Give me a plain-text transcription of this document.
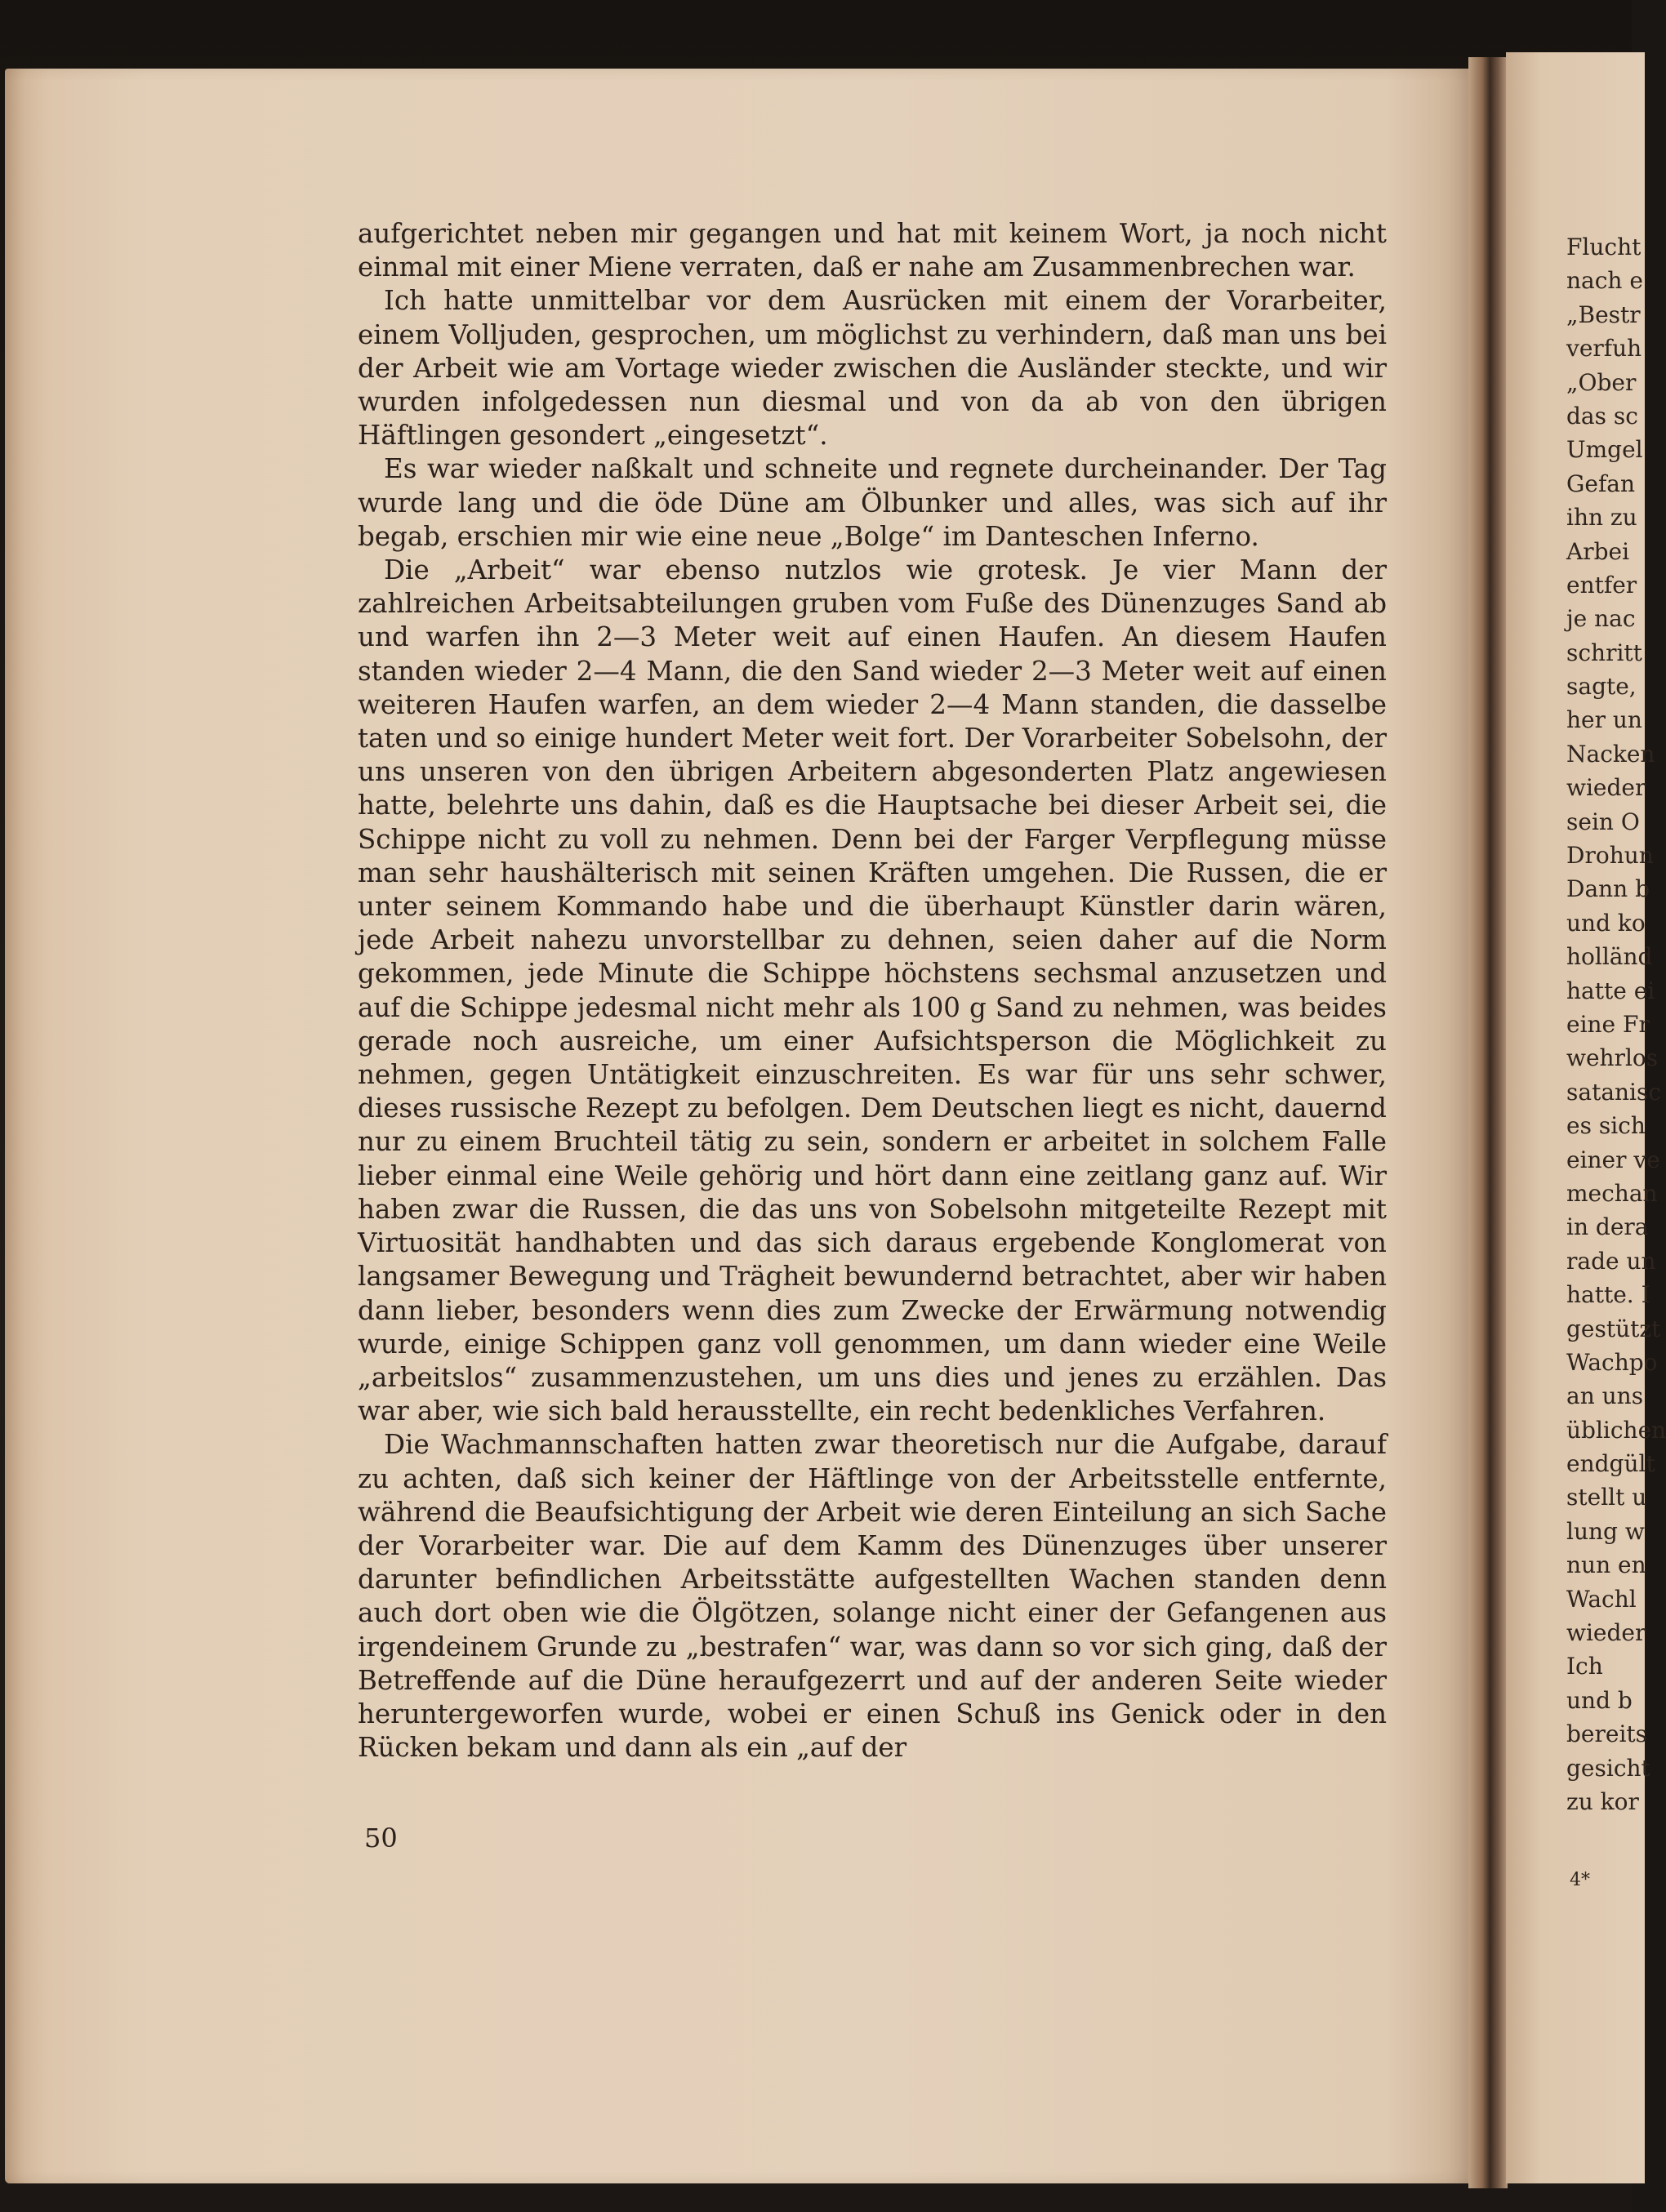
aufgerichtet neben mir gegangen und hat mit keinem Wort, ja noch nicht einmal mit einer Miene verraten, daß er nahe am Zusammenbrechen war.

Ich hatte unmittelbar vor dem Ausrücken mit einem der Vorarbeiter, einem Volljuden, gesprochen, um möglichst zu verhindern, daß man uns bei der Arbeit wie am Vortage wieder zwischen die Ausländer steckte, und wir wurden infolgedessen nun diesmal und von da ab von den übrigen Häftlingen gesondert „eingesetzt“.

Es war wieder naßkalt und schneite und regnete durcheinander. Der Tag wurde lang und die öde Düne am Ölbunker und alles, was sich auf ihr begab, erschien mir wie eine neue „Bolge“ im Danteschen Inferno.

Die „Arbeit“ war ebenso nutzlos wie grotesk. Je vier Mann der zahlreichen Arbeitsabteilungen gruben vom Fuße des Dünenzuges Sand ab und warfen ihn 2—3 Meter weit auf einen Haufen. An diesem Haufen standen wieder 2—4 Mann, die den Sand wieder 2—3 Meter weit auf einen weiteren Haufen warfen, an dem wieder 2—4 Mann standen, die dasselbe taten und so einige hundert Meter weit fort. Der Vorarbeiter Sobelsohn, der uns unseren von den übrigen Arbeitern abgesonderten Platz angewiesen hatte, belehrte uns dahin, daß es die Hauptsache bei dieser Arbeit sei, die Schippe nicht zu voll zu nehmen. Denn bei der Farger Verpflegung müsse man sehr haushälterisch mit seinen Kräften umgehen. Die Russen, die er unter seinem Kommando habe und die überhaupt Künstler darin wären, jede Arbeit nahezu unvorstellbar zu dehnen, seien daher auf die Norm gekommen, jede Minute die Schippe höchstens sechsmal anzusetzen und auf die Schippe jedesmal nicht mehr als 100 g Sand zu nehmen, was beides gerade noch ausreiche, um einer Aufsichtsperson die Möglichkeit zu nehmen, gegen Untätigkeit einzuschreiten. Es war für uns sehr schwer, dieses russische Rezept zu befolgen. Dem Deutschen liegt es nicht, dauernd nur zu einem Bruchteil tätig zu sein, sondern er arbeitet in solchem Falle lieber einmal eine Weile gehörig und hört dann eine zeitlang ganz auf. Wir haben zwar die Russen, die das uns von Sobelsohn mitgeteilte Rezept mit Virtuosität handhabten und das sich daraus ergebende Konglomerat von langsamer Bewegung und Trägheit bewundernd betrachtet, aber wir haben dann lieber, besonders wenn dies zum Zwecke der Erwärmung notwendig wurde, einige Schippen ganz voll genommen, um dann wieder eine Weile „arbeitslos“ zusammenzustehen, um uns dies und jenes zu erzählen. Das war aber, wie sich bald herausstellte, ein recht bedenkliches Verfahren.

Die Wachmannschaften hatten zwar theoretisch nur die Aufgabe, darauf zu achten, daß sich keiner der Häftlinge von der Arbeitsstelle entfernte, während die Beaufsichtigung der Arbeit wie deren Einteilung an sich Sache der Vorarbeiter war. Die auf dem Kamm des Dünenzuges über unserer darunter befindlichen Arbeitsstätte aufgestellten Wachen standen denn auch dort oben wie die Ölgötzen, solange nicht einer der Gefangenen aus irgendeinem Grunde zu „bestrafen“ war, was dann so vor sich ging, daß der Betreffende auf die Düne heraufgezerrt und auf der anderen Seite wieder heruntergeworfen wurde, wobei er einen Schuß ins Genick oder in den Rücken bekam und dann als ein „auf der

50
Flucht
nach e
„Bestr
verfuh
„Ober
das sc
Umgel
Gefan
ihn zu
Arbei
entfer
je nac
schritt
sagte,
her un
Nacken
wieder
sein O
Drohun
Dann b
und ko
holländ
hatte ei
eine Fr
wehrlos
satanisc
es sich
einer ve
mechan
in dera
rade un
hatte. I
gestützt
Wachpo
an uns
üblichen
endgült
stellt u
lung w
nun en
Wachl
wieder
Ich
und b
bereits
gesicht
zu kor
4*
